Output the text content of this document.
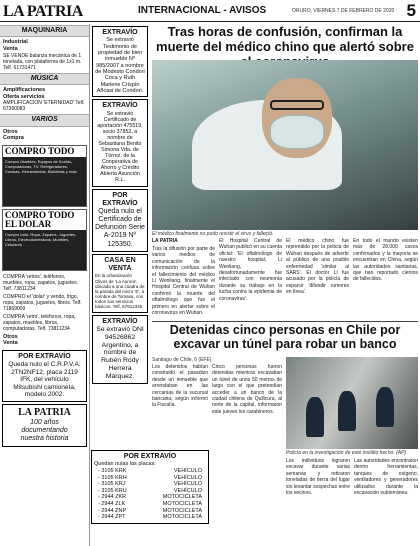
LA PATRIA	INTERNACIONAL - AVISOS	ORURO, VIERNES 7 DE FEBRERO DE 2020 5
MAQUINARIA
Industrial
Venta
SE VENDE balanza mecánica de 1 tonelada, con plataforma de 1x1 m.
Telf. 61731471
MÚSICA
Amplificaciones
Oferta servicios
AMPLIFICACION 'ETERNIDAD' Telf. 67390083
VARIOS
Otros
Compra
COMPRO TODO
Compro Muebles, Equipos de Sonido, Computadoras, TV, Refrigeradores, Cocinas, Herramientas, Bicicletas y más
COMPRO TODO EL DOLAR
Compro todo: Ropa, Zapatos, Juguetes, Libros, Electrodomésticos, Muebles, Celulares
COMPRA 'retros', teléfonos, muebles, ropa, zapatos, juguetes. Telf. 73811234
COMPRO el 'dolar' y vendo, frigo, ropa, zapatos, juguetes, libros. Telf. 71869009
COMPRA 'retro', teléfonos, ropa, zapatos, muebles, libros, computadoras. Telf. 73811234
Otros
Venta
POR EXTRAVÍO
Queda nulo el C.R.P.V.A: 2TN2NF12, placa 2119 IFK, del vehículo Mitsubishi camioneta, modelo 2002.
LA PATRIA
100 años
documentando
nuestra historia
EXTRAVÍO
Se extravió Testimonio de propiedad de bien inmueble Nº 985/2007 a nombre de Modesto Condori Coca y Ruth Marlene Crispín Añcasi de Condori.
EXTRAVÍO
Se extravió Certificado de aportación 475519, socio 37852, a nombre de Sebastiana Benito Simona Vda. de Tórrez, de la Cooperativa de Ahorro y Crédito Abierta Asunción R.L.
POR EXTRAVÍO
Queda nulo el Certificado de Defunción Serie A-2019 Nº 125350.
CASA EN VENTA
En la urbanización Olivos de 'La Aurora', ubicada a una cuadra de la parada del micro 'E', a nombre de Tomasa, con todos sus servicios básicos. Telf. 67912345
EXTRAVÍO
Se extravió DNI 94526862 Argentino, a nombre de Rubén Rody Herrera Márquez.
POR EXTRAVÍO
Quedan nulas las placas:
- 3105 KRK	VEHÍCULO
- 3105 KRH	VEHÍCULO
- 3105 KRJ	VEHÍCULO
- 3105 KRU	VEHÍCULO
- 2944 ZKR	MOTOCICLETA
- 2944 ZLK	MOTOCICLETA
- 2944 ZNP	MOTOCICLETA
- 2944 ZPT	MOTOCICLETA
Tras horas de confusión, confirman la muerte del médico chino que alertó sobre
El médico finalmente no pudo resistir el virus y falleció.
LA PATRIA
Tras la difusión por parte de varios medios de comunicación de la información confusa sobre el fallecimiento del médico Li Wenliang, finalmente el Hospital Central de Wuhan confirmó la muerte del oftalmólogo que fue el primero en alertar sobre el coronavirus en Wuhan.
El Hospital Central de Wuhan publicó en su cuenta oficial: 'El oftalmólogo de nuestro hospital, Li Wenliang, desafortunadamente fue infectado con neumonía durante su trabajo en la lucha contra la epidemia de coronavirus'.
El médico chino fue reprendido por la policía de Wuhan después de advertir al público de una posible enfermedad 'similar al SARS'. El doctor Li fue acusado por la policía de esparcir 'difundir rumores en línea'.
En todo el mundo existen más de 28.000 casos confirmados y la mayoría se encuentran en China, según las autoridades sanitarias, que han reportado cientos de fallecidos.
Detenidas cinco personas en Chile por excavar un túnel para robar un banco
Santiago de Chile, 6 (EFE)
Policía en la investigación de este insólito hecho. (AP)
Cinco personas fueron detenidas mientras excavaban un túnel de unos 50 metros de largo con el que pretendían acceder a un banco de la ciudad chilena de Quilicura, al norte de la capital, informaron este jueves los carabineros.
Los detenidos habían construido el pasadizo desde un inmueble que arrendaban en las cercanías de la sucursal bancaria, según informó la Fiscalía.
Los individuos lograron excavar durante varias semanas y retiraron toneladas de tierra del lugar sin levantar sospechas entre los vecinos.
Las autoridades encontraron dentro herramientas, tanques de oxígeno, ventiladores y generadores utilizados durante la excavación subterránea.
